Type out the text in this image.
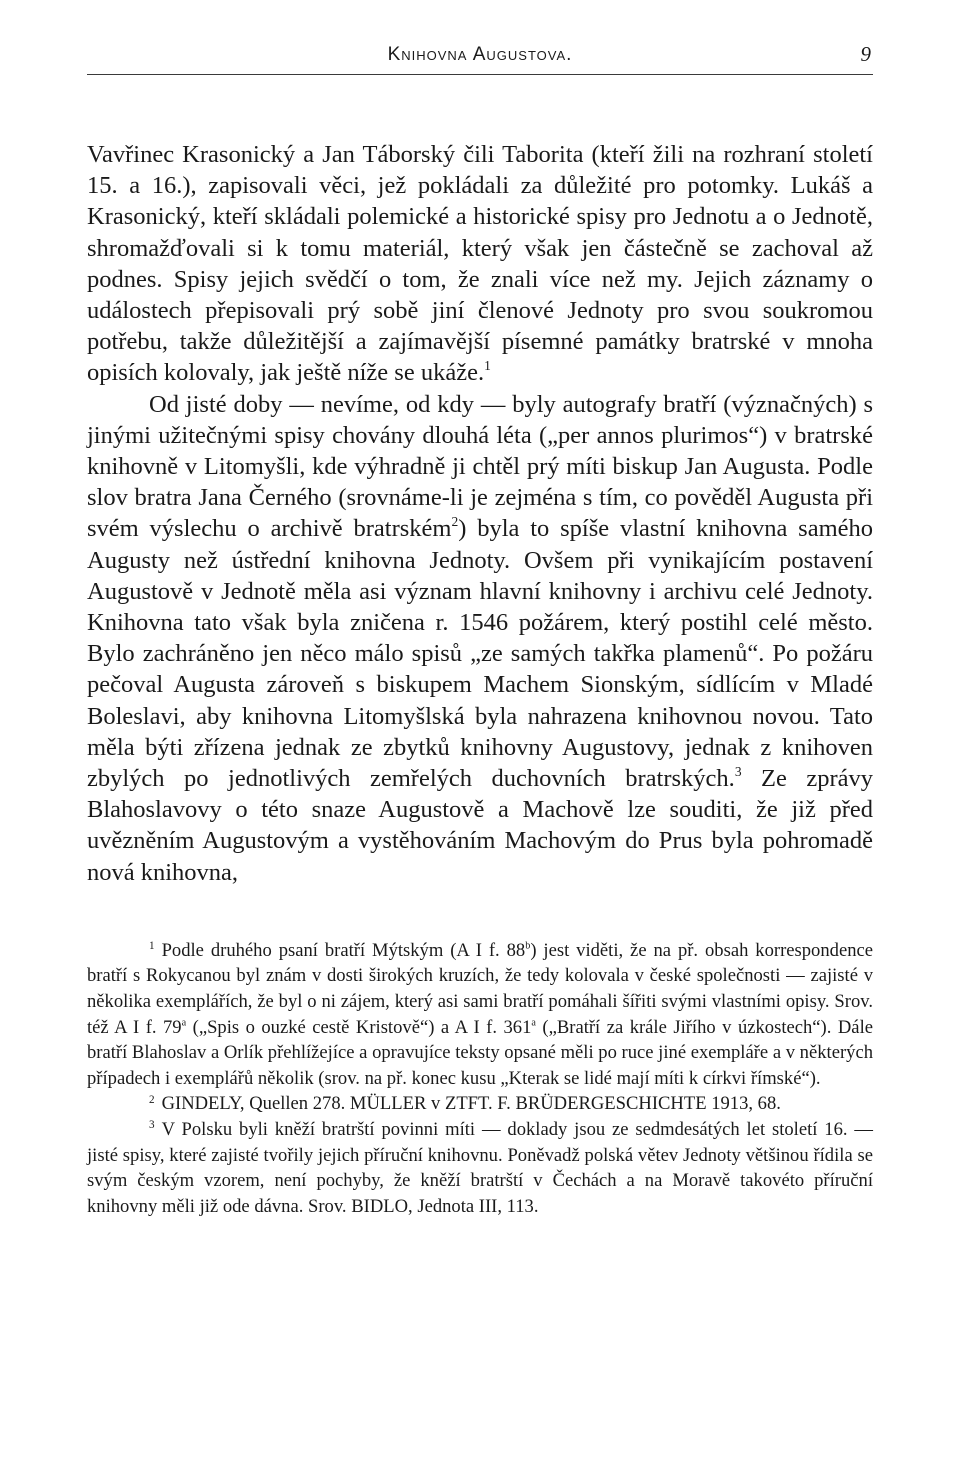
Knihovna Augustova.	9

Vavřinec Krasonický a Jan Táborský čili Taborita (kteří žili na rozhraní století 15. a 16.), zapisovali věci, jež pokládali za důležité pro potomky. Lukáš a Krasonický, kteří skládali polemické a historické spisy pro Jednotu a o Jednotě, shromažďovali si k tomu materiál, který však jen částečně se zachoval až podnes. Spisy jejich svědčí o tom, že znali více než my. Jejich záznamy o událostech přepisovali prý sobě jiní členové Jednoty pro svou soukromou potřebu, takže důležitější a zajímavější písemné památky bratrské v mnoha opisích kolovaly, jak ještě níže se ukáže.$^1$

Od jisté doby — nevíme, od kdy — byly autografy bratří (význačných) s jinými užitečnými spisy chovány dlouhá léta („per annos plurimos“) v bratrské knihovně v Litomyšli, kde výhradně ji chtěl prý míti biskup Jan Augusta. Podle slov bratra Jana Černého (srovnáme-li je zejména s tím, co pověděl Augusta při svém výslechu o archivě bratrském$^2$) byla to spíše vlastní knihovna samého Augusty než ústřední knihovna Jednoty. Ovšem při vynikajícím postavení Augustově v Jednotě měla asi význam hlavní knihovny i archivu celé Jednoty. Knihovna tato však byla zničena r. 1546 požárem, který postihl celé město. Bylo zachráněno jen něco málo spisů „ze samých takřka plamenů“. Po požáru pečoval Augusta zároveň s biskupem Machem Sionským, sídlícím v Mladé Boleslavi, aby knihovna Litomyšlská byla nahrazena knihovnou novou. Tato měla býti zřízena jednak ze zbytků knihovny Augustovy, jednak z knihoven zbylých po jednotlivých zemřelých duchovních bratrských.$^3$ Ze zprávy Blahoslavovy o této snaze Augustově a Machově lze souditi, že již před uvězněním Augustovým a vystěhováním Machovým do Prus byla pohromadě nová knihovna,

$^1$ Podle druhého psaní bratří Mýtským (A I f. 88$^b$) jest viděti, že na př. obsah korrespondence bratří s Rokycanou byl znám v dosti širokých kruzích, že tedy kolovala v české společnosti — zajisté v několika exemplářích, že byl o ni zájem, který asi sami bratří pomáhali šířiti svými vlastními opisy. Srov. též A I f. 79$^a$ („Spis o ouzké cestě Kristově“) a A I f. 361$^a$ („Bratří za krále Jiřího v úzkostech“). Dále bratří Blahoslav a Orlík přehlížejíce a opravujíce teksty opsané měli po ruce jiné exempláře a v některých případech i exemplářů několik (srov. na př. konec kusu „Kterak se lidé mají míti k církvi římské“).

$^2$ GINDELY, Quellen 278. MÜLLER v ZTFT. F. BRÜDERGESCHICHTE 1913, 68.

$^3$ V Polsku byli kněží bratrští povinni míti — doklady jsou ze sedmdesátých let století 16. — jisté spisy, které zajisté tvořily jejich příruční knihovnu. Poněvadž polská větev Jednoty většinou řídila se svým českým vzorem, není pochyby, že kněží bratrští v Čechách a na Moravě takovéto příruční knihovny měli již ode dávna. Srov. BIDLO, Jednota III, 113.
